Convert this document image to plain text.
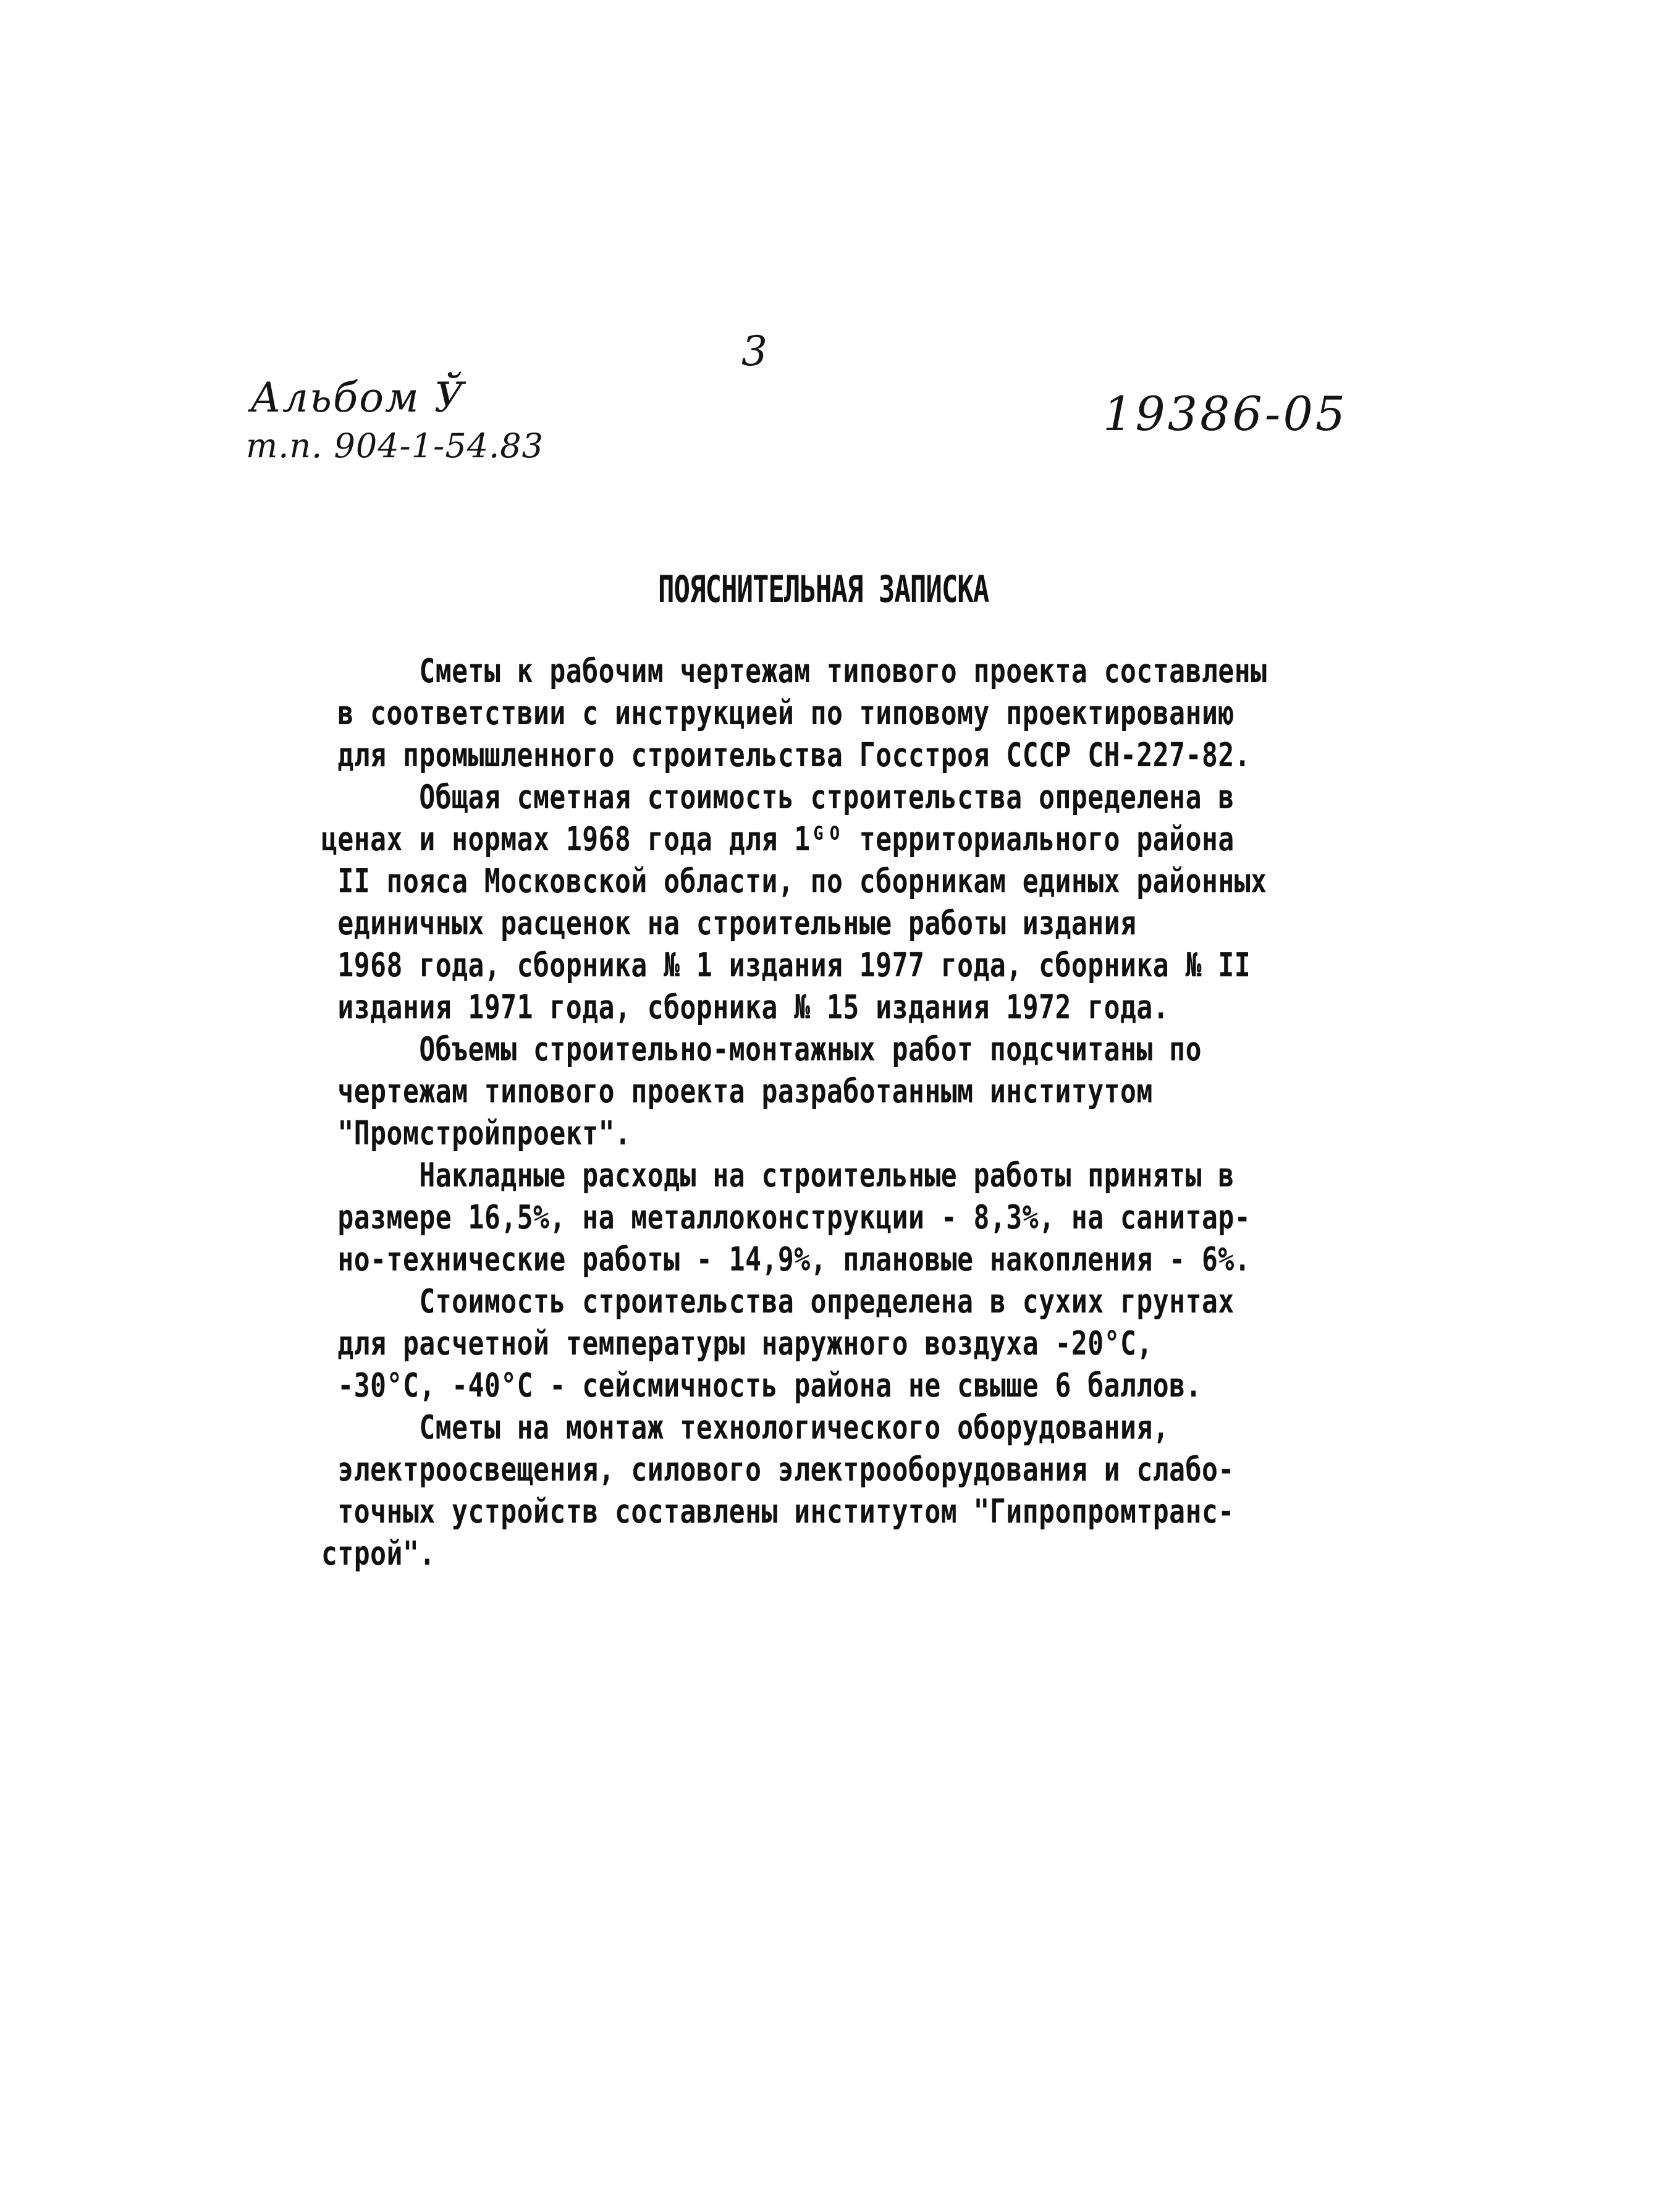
3
Альбом Ў
т.п. 904-1-54.83
19386-05
ПОЯСНИТЕЛЬНАЯ ЗАПИСКА
Сметы к рабочим чертежам типового проекта составлены
в соответствии с инструкцией по типовому проектированию
для промышленного строительства Госстроя СССР СН-227-82.
Общая сметная стоимость строительства определена в
ценах и нормах 1968 года для 1ᴳᴼ территориального района
II пояса Московской области, по сборникам единых районных
единичных расценок на строительные работы издания
1968 года, сборника № 1 издания 1977 года, сборника № II
издания 1971 года, сборника № 15 издания 1972 года.
Объемы строительно-монтажных работ подсчитаны по
чертежам типового проекта разработанным институтом
"Промстройпроект".
Накладные расходы на строительные работы приняты в
размере 16,5%, на металлоконструкции - 8,3%, на санитар-
но-технические работы - 14,9%, плановые накопления - 6%.
Стоимость строительства определена в сухих грунтах
для расчетной температуры наружного воздуха -20°С,
-30°С, -40°С - сейсмичность района не свыше 6 баллов.
Сметы на монтаж технологического оборудования,
электроосвещения, силового электрооборудования и слабо-
точных устройств составлены институтом "Гипропромтранс-
строй".
